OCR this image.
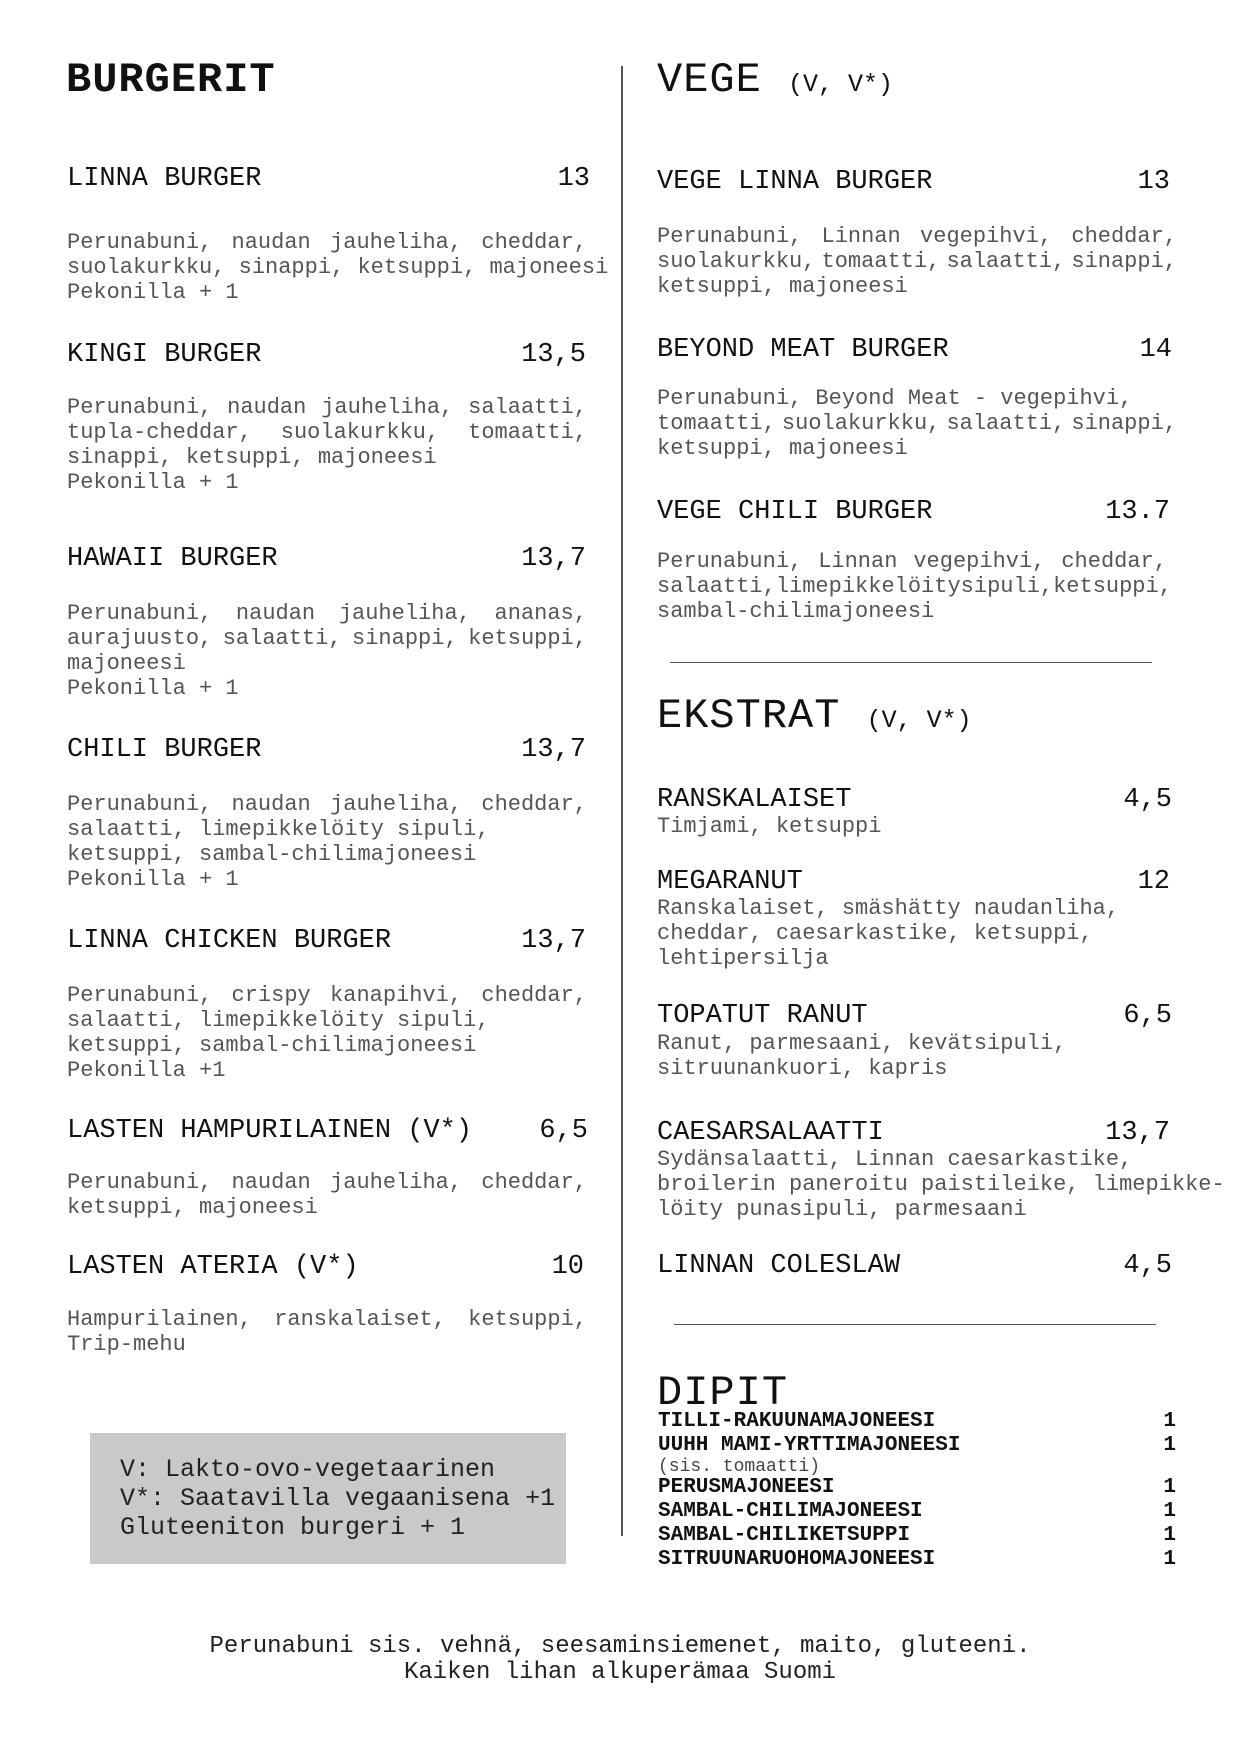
BURGERIT
LINNA BURGER	13
Perunabuni, naudan jauheliha, cheddar,
suolakurkku, sinappi, ketsuppi, majoneesi
Pekonilla + 1
KINGI BURGER	13,5
Perunabuni, naudan jauheliha, salaatti,
tupla-cheddar, suolakurkku, tomaatti,
sinappi, ketsuppi, majoneesi
Pekonilla + 1
HAWAII BURGER	13,7
Perunabuni, naudan jauheliha, ananas,
aurajuusto, salaatti, sinappi, ketsuppi,
majoneesi
Pekonilla + 1
CHILI BURGER	13,7
Perunabuni, naudan jauheliha, cheddar,
salaatti, limepikkelöity sipuli,
ketsuppi, sambal-chilimajoneesi
Pekonilla + 1
LINNA CHICKEN BURGER	13,7
Perunabuni, crispy kanapihvi, cheddar,
salaatti, limepikkelöity sipuli,
ketsuppi, sambal-chilimajoneesi
Pekonilla +1
LASTEN HAMPURILAINEN (V*)	6,5
Perunabuni, naudan jauheliha, cheddar,
ketsuppi, majoneesi
LASTEN ATERIA (V*)	10
Hampurilainen, ranskalaiset, ketsuppi,
Trip-mehu
V: Lakto-ovo-vegetaarinen
V*: Saatavilla vegaanisena +1
Gluteeniton burgeri + 1
VEGE (V, V*)
VEGE LINNA BURGER	13
Perunabuni, Linnan vegepihvi, cheddar,
suolakurkku, tomaatti, salaatti, sinappi,
ketsuppi, majoneesi
BEYOND MEAT BURGER	14
Perunabuni, Beyond Meat - vegepihvi,
tomaatti, suolakurkku, salaatti, sinappi,
ketsuppi, majoneesi
VEGE CHILI BURGER	13.7
Perunabuni, Linnan vegepihvi, cheddar,
salaatti, limepikkelöity sipuli, ketsuppi,
sambal-chilimajoneesi
EKSTRAT (V, V*)
RANSKALAISET	4,5
Timjami, ketsuppi
MEGARANUT	12
Ranskalaiset, smäshätty naudanliha,
cheddar, caesarkastike, ketsuppi,
lehtipersilja
TOPATUT RANUT	6,5
Ranut, parmesaani, kevätsipuli,
sitruunankuori, kapris
CAESARSALAATTI	13,7
Sydänsalaatti, Linnan caesarkastike,
broilerin paneroitu paistileike, limepikke-
löity punasipuli, parmesaani
LINNAN COLESLAW	4,5
DIPIT
TILLI-RAKUUNAMAJONEESI	1
UUHH MAMI-YRTTIMAJONEESI	1
(sis. tomaatti)
PERUSMAJONEESI	1
SAMBAL-CHILIMAJONEESI	1
SAMBAL-CHILIKETSUPPI	1
SITRUUNARUOHOMAJONEESI	1
Perunabuni sis. vehnä, seesaminsiemenet, maito, gluteeni.
Kaiken lihan alkuperämaa Suomi
